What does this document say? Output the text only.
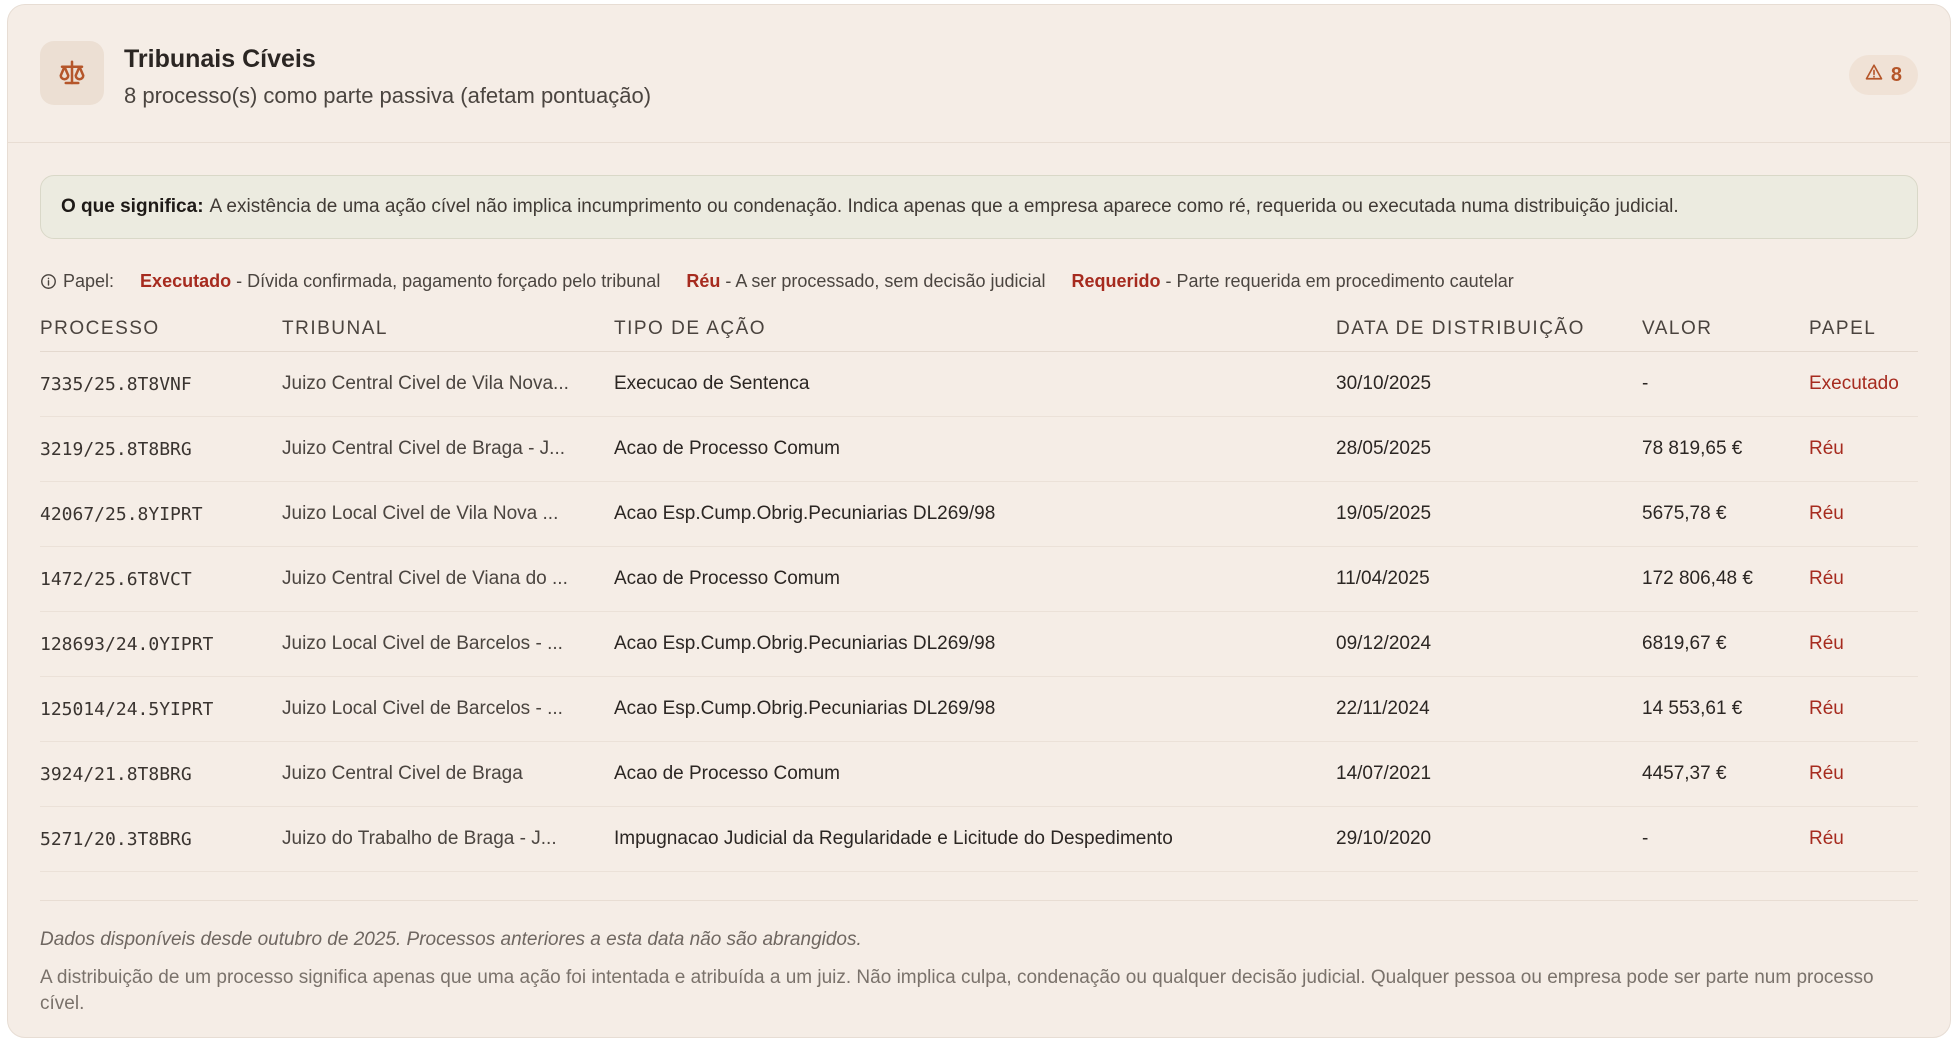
Tribunais Cíveis
8 processo(s) como parte passiva (afetam pontuação)
8
O que significa: A existência de uma ação cível não implica incumprimento ou condenação. Indica apenas que a empresa aparece como ré, requerida ou executada numa distribuição judicial.
Papel: Executado - Dívida confirmada, pagamento forçado pelo tribunal Réu - A ser processado, sem decisão judicial Requerido - Parte requerida em procedimento cautelar
PROCESSO	TRIBUNAL	TIPO DE AÇÃO	DATA DE DISTRIBUIÇÃO	VALOR	PAPEL
7335/25.8T8VNF	Juizo Central Civel de Vila Nova...	Execucao de Sentenca	30/10/2025	-	Executado
3219/25.8T8BRG	Juizo Central Civel de Braga - J...	Acao de Processo Comum	28/05/2025	78 819,65 €	Réu
42067/25.8YIPRT	Juizo Local Civel de Vila Nova ...	Acao Esp.Cump.Obrig.Pecuniarias DL269/98	19/05/2025	5675,78 €	Réu
1472/25.6T8VCT	Juizo Central Civel de Viana do ...	Acao de Processo Comum	11/04/2025	172 806,48 €	Réu
128693/24.0YIPRT	Juizo Local Civel de Barcelos - ...	Acao Esp.Cump.Obrig.Pecuniarias DL269/98	09/12/2024	6819,67 €	Réu
125014/24.5YIPRT	Juizo Local Civel de Barcelos - ...	Acao Esp.Cump.Obrig.Pecuniarias DL269/98	22/11/2024	14 553,61 €	Réu
3924/21.8T8BRG	Juizo Central Civel de Braga	Acao de Processo Comum	14/07/2021	4457,37 €	Réu
5271/20.3T8BRG	Juizo do Trabalho de Braga - J...	Impugnacao Judicial da Regularidade e Licitude do Despedimento	29/10/2020	-	Réu
Dados disponíveis desde outubro de 2025. Processos anteriores a esta data não são abrangidos.
A distribuição de um processo significa apenas que uma ação foi intentada e atribuída a um juiz. Não implica culpa, condenação ou qualquer decisão judicial. Qualquer pessoa ou empresa pode ser parte num processo cível.
